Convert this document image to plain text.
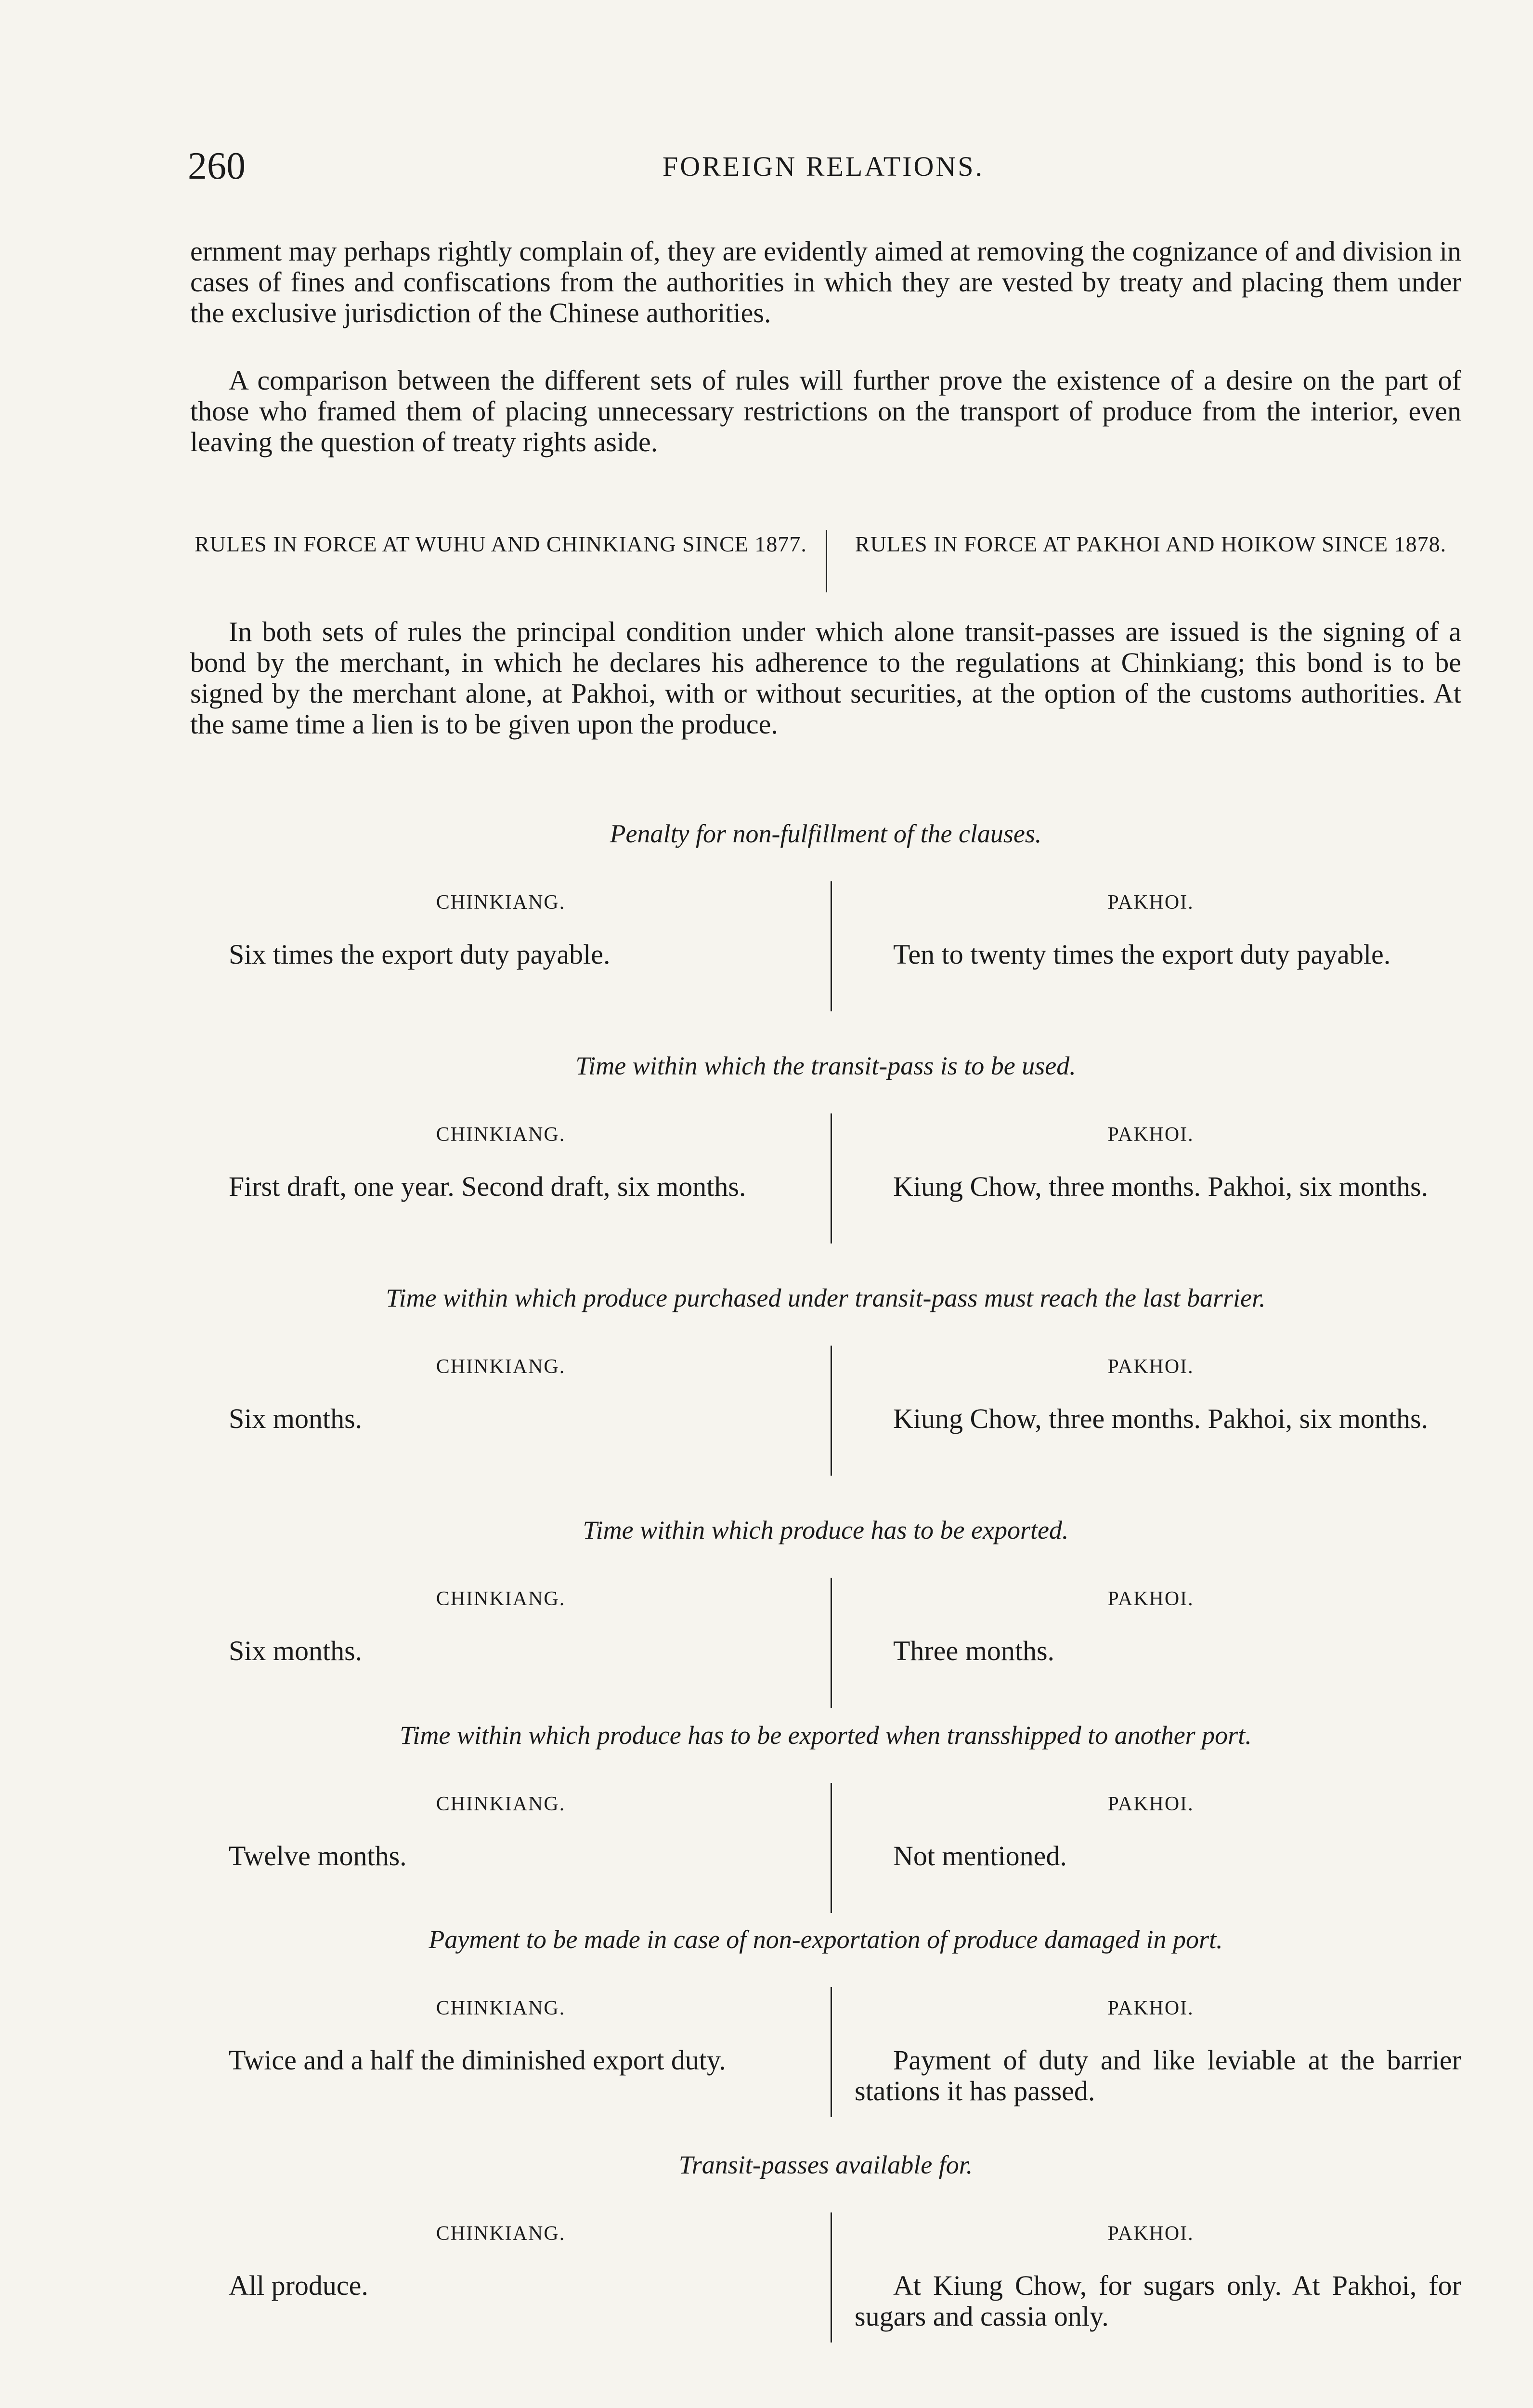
260	FOREIGN RELATIONS.

ernment may perhaps rightly complain of, they are evidently aimed at removing the cognizance of and division in cases of fines and confiscations from the authorities in which they are vested by treaty and placing them under the exclusive jurisdiction of the Chinese authorities.

A comparison between the different sets of rules will further prove the existence of a desire on the part of those who framed them of placing unnecessary restrictions on the transport of produce from the interior, even leaving the question of treaty rights aside.

RULES IN FORCE AT WUHU AND CHINKIANG SINCE 1877.	RULES IN FORCE AT PAKHOI AND HOIKOW SINCE 1878.

In both sets of rules the principal condition under which alone transit-passes are issued is the signing of a bond by the merchant, in which he declares his adherence to the regulations at Chinkiang; this bond is to be signed by the merchant alone, at Pakhoi, with or without securities, at the option of the customs authorities. At the same time a lien is to be given upon the produce.

Penalty for non-fulfillment of the clauses.
CHINKIANG.	PAKHOI.
Six times the export duty payable.	Ten to twenty times the export duty payable.
Time within which the transit-pass is to be used.
CHINKIANG.	PAKHOI.
First draft, one year. Second draft, six months.	Kiung Chow, three months. Pakhoi, six months.
Time within which produce purchased under transit-pass must reach the last barrier.
CHINKIANG.	PAKHOI.
Six months.	Kiung Chow, three months. Pakhoi, six months.
Time within which produce has to be exported.
CHINKIANG.	PAKHOI.
Six months.	Three months.
Time within which produce has to be exported when transshipped to another port.
CHINKIANG.	PAKHOI.
Twelve months.	Not mentioned.
Payment to be made in case of non-exportation of produce damaged in port.
CHINKIANG.	PAKHOI.
Twice and a half the diminished export duty.	Payment of duty and like leviable at the barrier stations it has passed.
Transit-passes available for.
CHINKIANG.	PAKHOI.
All produce.	At Kiung Chow, for sugars only. At Pakhoi, for sugars and cassia only.
